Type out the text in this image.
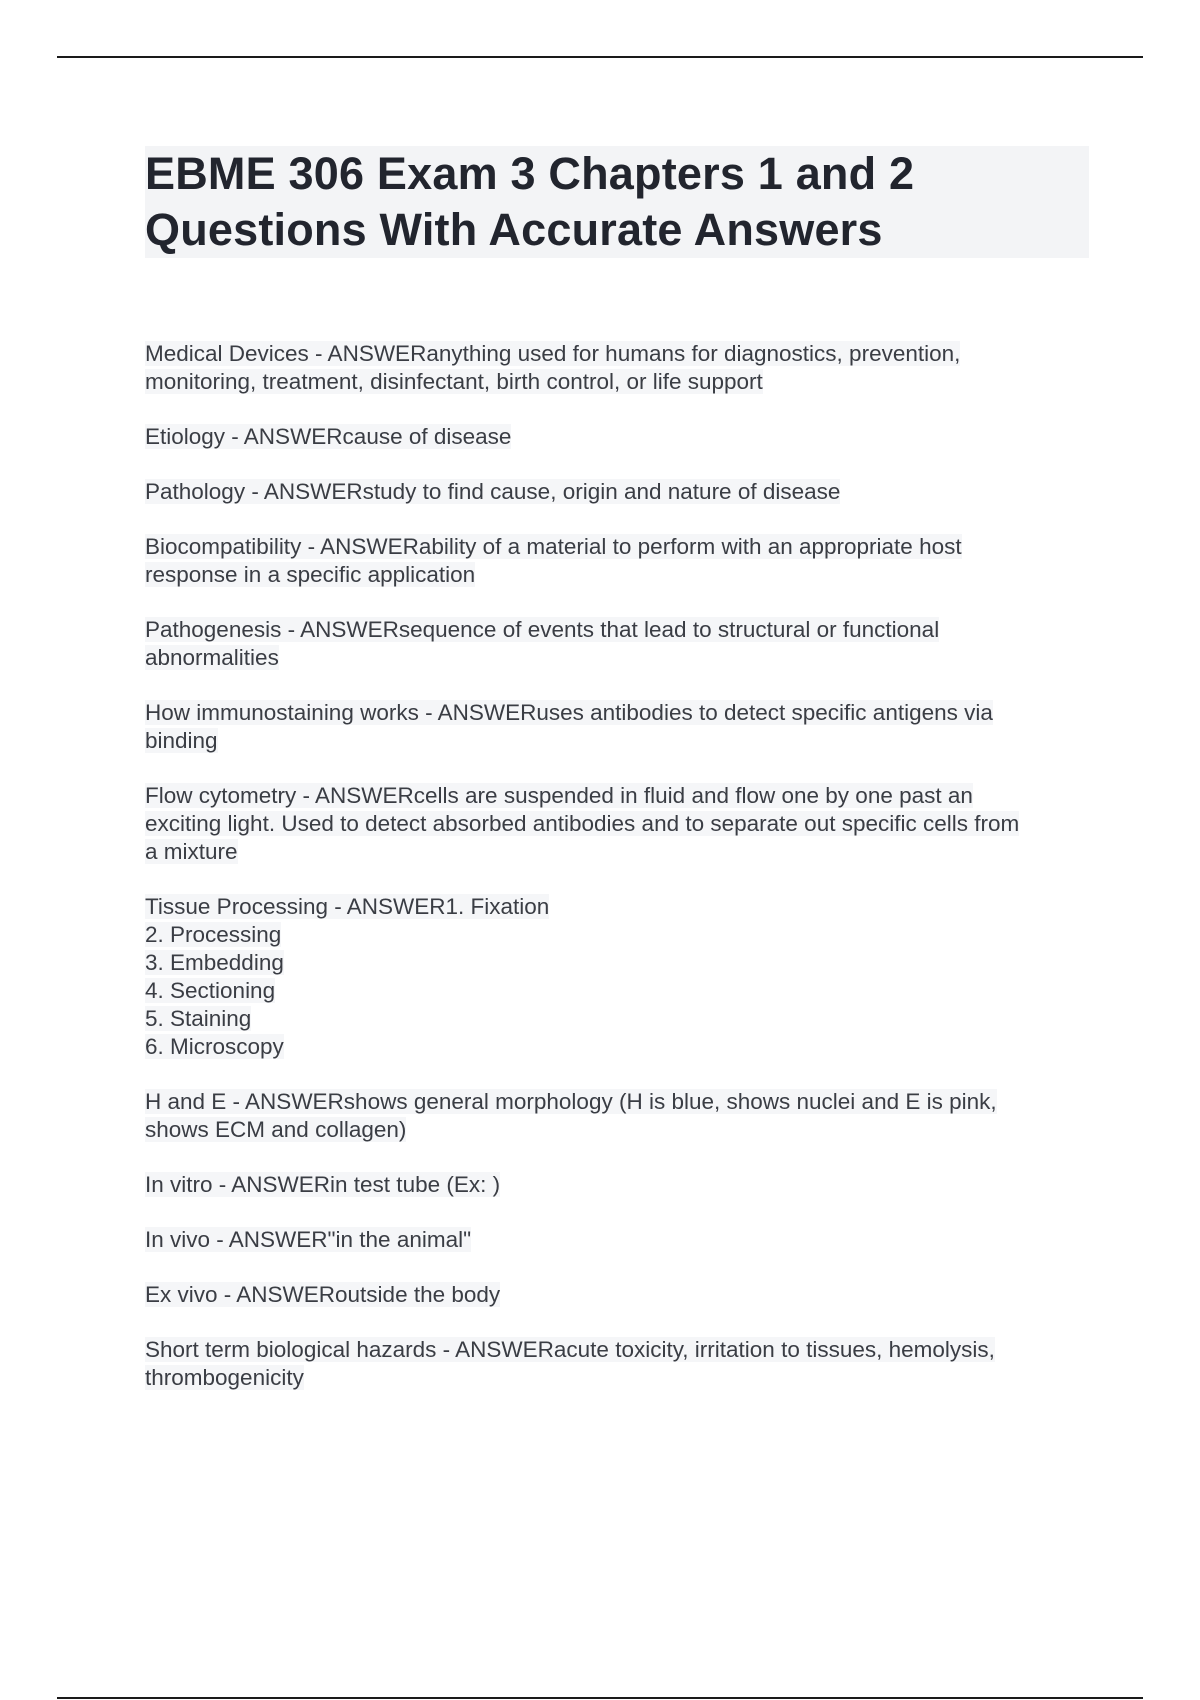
EBME 306 Exam 3 Chapters 1 and 2 Questions With Accurate Answers
Medical Devices - ANSWERanything used for humans for diagnostics, prevention,
monitoring, treatment, disinfectant, birth control, or life support
Etiology - ANSWERcause of disease
Pathology - ANSWERstudy to find cause, origin and nature of disease
Biocompatibility - ANSWERability of a material to perform with an appropriate host
response in a specific application
Pathogenesis - ANSWERsequence of events that lead to structural or functional
abnormalities
How immunostaining works - ANSWERuses antibodies to detect specific antigens via
binding
Flow cytometry - ANSWERcells are suspended in fluid and flow one by one past an
exciting light. Used to detect absorbed antibodies and to separate out specific cells from
a mixture
Tissue Processing - ANSWER1. Fixation
2. Processing
3. Embedding
4. Sectioning
5. Staining
6. Microscopy
H and E - ANSWERshows general morphology (H is blue, shows nuclei and E is pink,
shows ECM and collagen)
In vitro - ANSWERin test tube (Ex: )
In vivo - ANSWER"in the animal"
Ex vivo - ANSWERoutside the body
Short term biological hazards - ANSWERacute toxicity, irritation to tissues, hemolysis,
thrombogenicity
